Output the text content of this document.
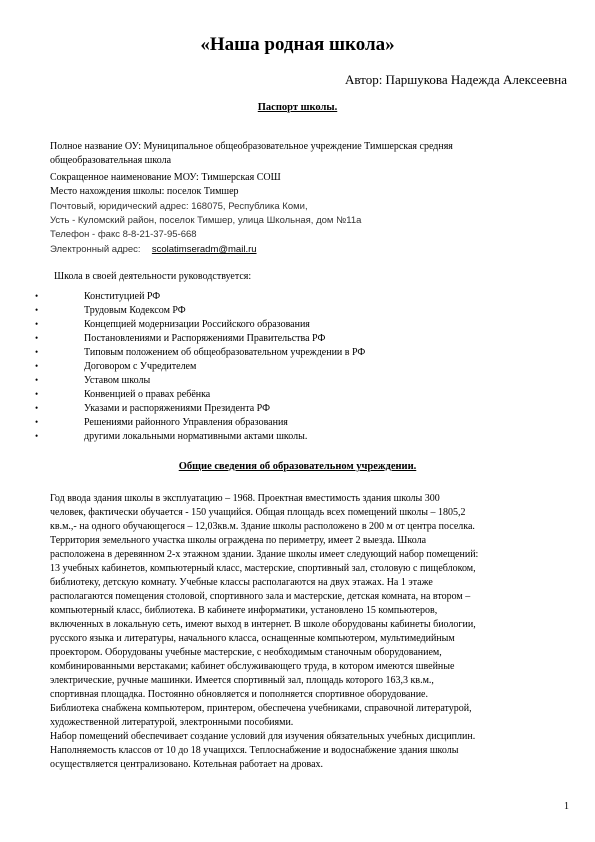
«Наша родная школа»
Автор: Паршукова Надежда Алексеевна
Паспорт школы.
Полное название ОУ: Муниципальное общеобразовательное учреждение Тимшерская средняя
общеобразовательная школа
Сокращенное наименование МОУ: Тимшерская СОШ
Место нахождения школы: поселок Тимшер
Почтовый, юридический адрес: 168075, Республика Коми,
Усть - Куломский район, поселок Тимшер, улица Школьная, дом №11а
Телефон - факс 8-8-21-37-95-668
Электронный адрес: scolatimseradm@mail.ru
Школа в своей деятельности руководствуется:
•	Конституцией РФ
•	Трудовым Кодексом РФ
•	Концепцией модернизации Российского образования
•	Постановлениями и Распоряжениями Правительства РФ
•	Типовым положением об общеобразовательном учреждении в РФ
•	Договором с Учредителем
•	Уставом школы
•	Конвенцией о правах ребёнка
•	Указами и распоряжениями Президента РФ
•	Решениями районного Управления образования
•	другими локальными нормативными актами школы.
Общие сведения об образовательном учреждении.

Год ввода здания школы в эксплуатацию – 1968. Проектная вместимость здания школы 300

человек, фактически обучается - 150 учащийся. Общая площадь всех помещений школы – 1805,2

кв.м.,- на одного обучающегося – 12,03кв.м. Здание школы расположено в 200 м от центра поселка.

Территория земельного участка школы ограждена по периметру, имеет 2 выезда. Школа

расположена в деревянном 2-х этажном здании. Здание школы имеет следующий набор помещений:

13 учебных кабинетов, компьютерный класс, мастерские, спортивный зал, столовую с пищеблоком,

библиотеку, детскую комнату. Учебные классы располагаются на двух этажах. На 1 этаже

располагаются помещения столовой, спортивного зала и мастерские, детская комната, на втором –

компьютерный класс, библиотека. В кабинете информатики, установлено 15 компьютеров,

включенных в локальную сеть, имеют выход в интернет. В школе оборудованы кабинеты биологии,

русского языка и литературы, начального класса, оснащенные компьютером, мультимедийным

проектором. Оборудованы учебные мастерские, с необходимым станочным оборудованием,

комбинированными верстаками; кабинет обслуживающего труда, в котором имеются швейные

электрические, ручные машинки. Имеется спортивный зал, площадь которого 163,3 кв.м.,

спортивная площадка. Постоянно обновляется и пополняется спортивное оборудование.

Библиотека снабжена компьютером, принтером, обеспечена учебниками, справочной литературой,

художественной литературой, электронными пособиями.

Набор помещений обеспечивает создание условий для изучения обязательных учебных дисциплин.

Наполняемость классов от 10 до 18 учащихся. Теплоснабжение и водоснабжение здания школы

осуществляется централизовано. Котельная работает на дровах.

1
